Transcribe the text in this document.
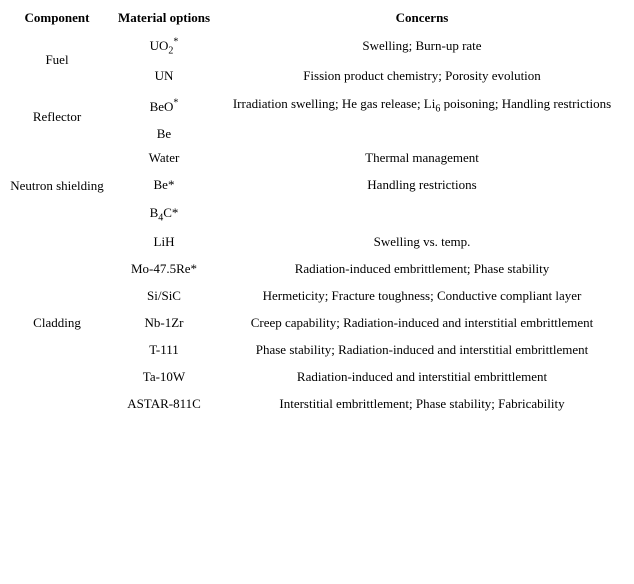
Component	Material options	Concerns
Fuel	$UO_2^*$	Swelling; Burn-up rate
	UN	Fission product chemistry; Porosity evolution
Reflector	BeO*	Irradiation swelling; He gas release; $Li_6$ poisoning; Handling restrictions
	Be	
Neutron shielding	Water	Thermal management
	Be*	Handling restrictions
	$B_4C*$	
Cladding	LiH	Swelling vs. temp.
	Mo-47.5Re*	Radiation-induced embrittlement; Phase stability
	Si/SiC	Hermeticity; Fracture toughness; Conductive compliant layer
	Nb-1Zr	Creep capability; Radiation-induced and interstitial embrittlement
	T-111	Phase stability; Radiation-induced and interstitial embrittlement
	Ta-10W	Radiation-induced and interstitial embrittlement
	ASTAR-811C	Interstitial embrittlement; Phase stability; Fabricability
